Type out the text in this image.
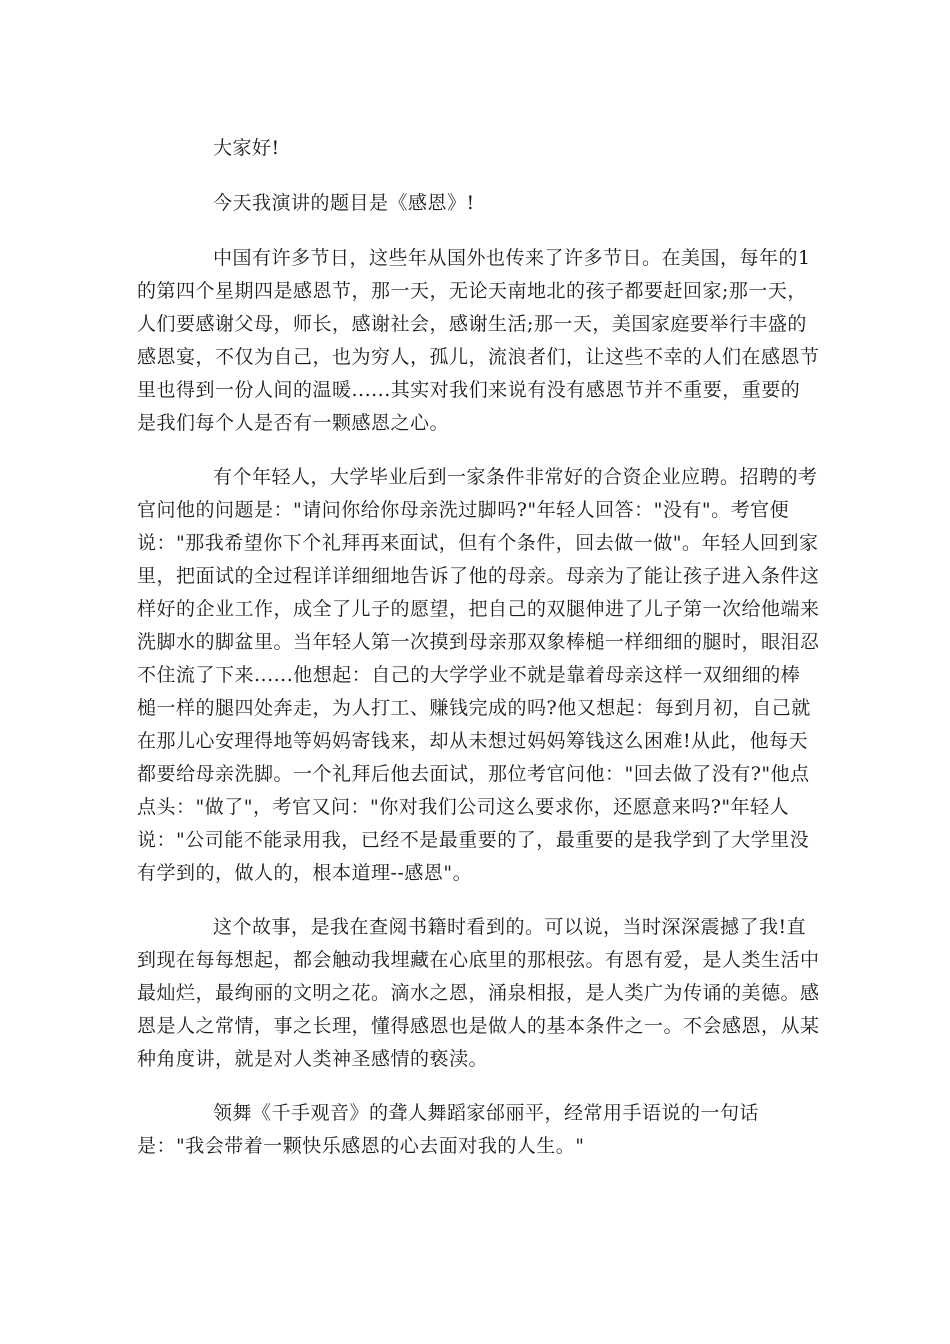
大家好!
今天我演讲的题目是《感恩》!
中国有许多节日，这些年从国外也传来了许多节日。在美国，每年的1
的第四个星期四是感恩节，那一天，无论天南地北的孩子都要赶回家;那一天，
人们要感谢父母，师长，感谢社会，感谢生活;那一天，美国家庭要举行丰盛的
感恩宴，不仅为自己，也为穷人，孤儿，流浪者们，让这些不幸的人们在感恩节
里也得到一份人间的温暖......其实对我们来说有没有感恩节并不重要，重要的
是我们每个人是否有一颗感恩之心。
有个年轻人，大学毕业后到一家条件非常好的合资企业应聘。招聘的考
官问他的问题是："请问你给你母亲洗过脚吗?"年轻人回答："没有"。考官便
说："那我希望你下个礼拜再来面试，但有个条件，回去做一做"。年轻人回到家
里，把面试的全过程详详细细地告诉了他的母亲。母亲为了能让孩子进入条件这
样好的企业工作，成全了儿子的愿望，把自己的双腿伸进了儿子第一次给他端来
洗脚水的脚盆里。当年轻人第一次摸到母亲那双象棒槌一样细细的腿时，眼泪忍
不住流了下来......他想起：自己的大学学业不就是靠着母亲这样一双细细的棒
槌一样的腿四处奔走，为人打工、赚钱完成的吗?他又想起：每到月初，自己就
在那儿心安理得地等妈妈寄钱来，却从未想过妈妈筹钱这么困难!从此，他每天
都要给母亲洗脚。一个礼拜后他去面试，那位考官问他："回去做了没有?"他点
点头："做了"，考官又问："你对我们公司这么要求你，还愿意来吗?"年轻人
说："公司能不能录用我，已经不是最重要的了，最重要的是我学到了大学里没
有学到的，做人的，根本道理--感恩"。
这个故事，是我在查阅书籍时看到的。可以说，当时深深震撼了我!直
到现在每每想起，都会触动我埋藏在心底里的那根弦。有恩有爱，是人类生活中
最灿烂，最绚丽的文明之花。滴水之恩，涌泉相报，是人类广为传诵的美德。感
恩是人之常情，事之长理，懂得感恩也是做人的基本条件之一。不会感恩，从某
种角度讲，就是对人类神圣感情的亵渎。
领舞《千手观音》的聋人舞蹈家邰丽平，经常用手语说的一句话
是："我会带着一颗快乐感恩的心去面对我的人生。"
